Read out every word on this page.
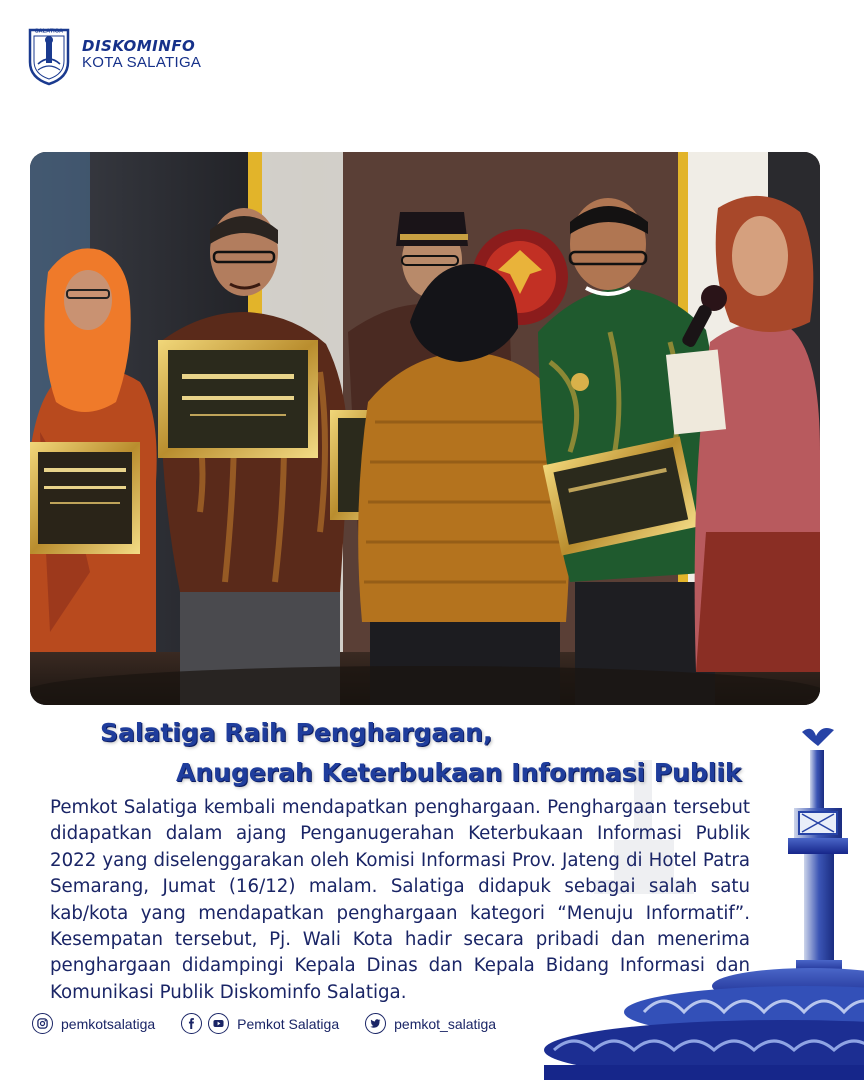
SALATIGA
DISKOMINFO
KOTA SALATIGA
Salatiga Raih Penghargaan,
Anugerah Keterbukaan Informasi Publik

Pemkot Salatiga kembali mendapatkan penghargaan. Penghargaan tersebut didapatkan dalam ajang Penganugerahan Keterbukaan Informasi Publik 2022 yang diselenggarakan oleh Komisi Informasi Prov. Jateng di Hotel Patra Semarang, Jumat (16/12) malam. Salatiga didapuk sebagai salah satu kab/kota yang mendapatkan penghargaan kategori “Menuju Informatif”. Kesempatan tersebut, Pj. Wali Kota hadir secara pribadi dan menerima penghargaan didampingi Kepala Dinas dan Kepala Bidang Informasi dan Komunikasi Publik Diskominfo Salatiga.

pemkotsalatiga	Pemkot Salatiga	pemkot_salatiga
